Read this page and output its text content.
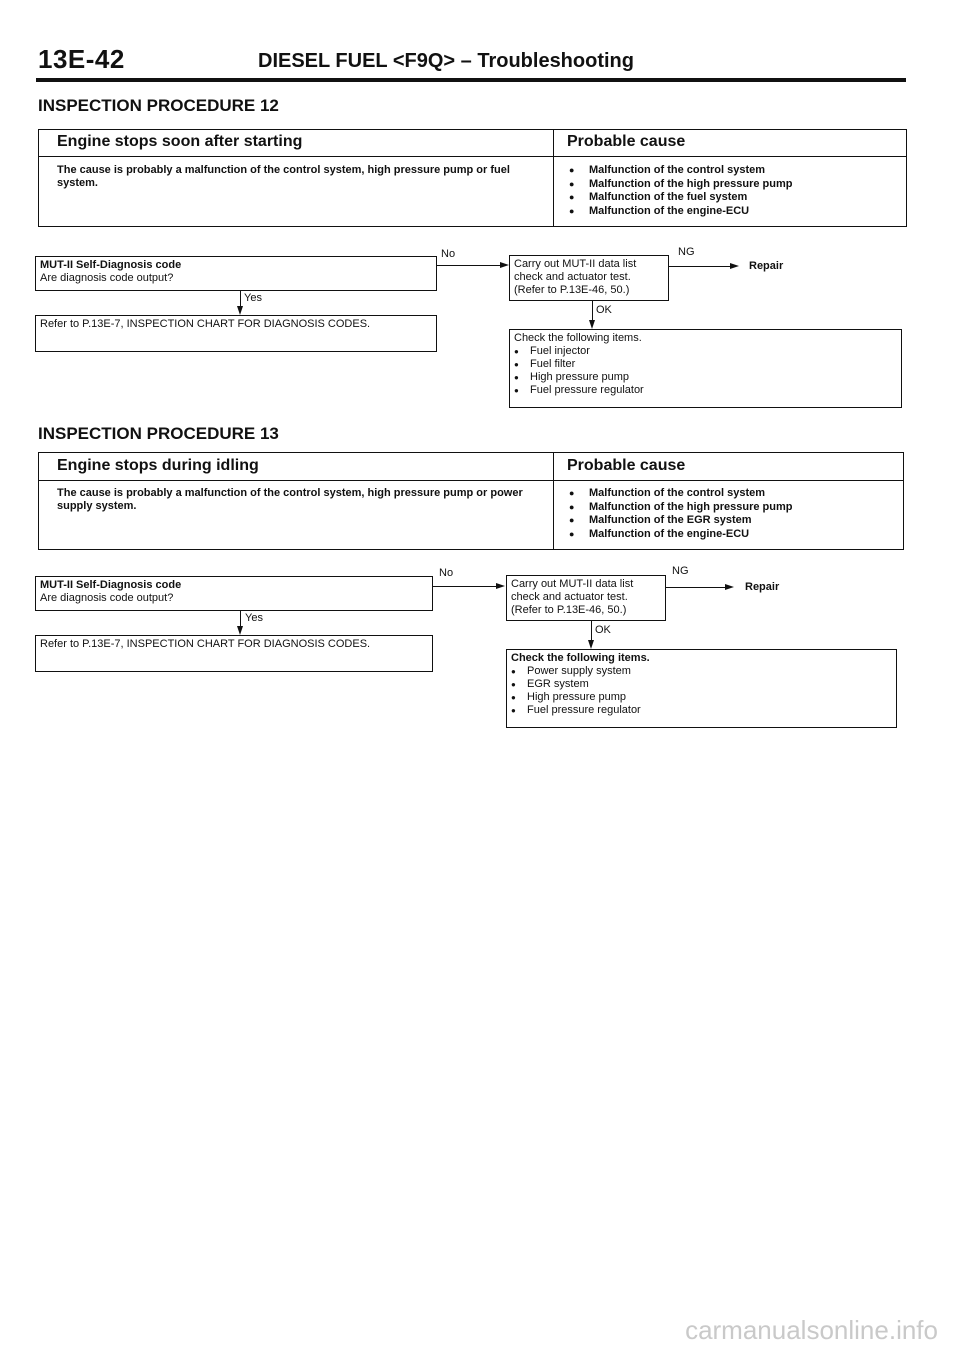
13E-42	DIESEL FUEL <F9Q> – Troubleshooting
INSPECTION PROCEDURE 12
Engine stops soon after starting	Probable cause
The cause is probably a malfunction of the control system, high pressure pump or fuel system.
● Malfunction of the control system
● Malfunction of the high pressure pump
● Malfunction of the fuel system
● Malfunction of the engine-ECU
MUT-II Self-Diagnosis code
Are diagnosis code output?
No
Yes
Refer to P.13E-7, INSPECTION CHART FOR DIAGNOSIS CODES.
Carry out MUT-II data list
check and actuator test.
(Refer to P.13E-46, 50.)
NG
Repair
OK
Check the following items.
● Fuel injector
● Fuel filter
● High pressure pump
● Fuel pressure regulator
INSPECTION PROCEDURE 13
Engine stops during idling	Probable cause
The cause is probably a malfunction of the control system, high pressure pump or power supply system.
● Malfunction of the control system
● Malfunction of the high pressure pump
● Malfunction of the EGR system
● Malfunction of the engine-ECU
MUT-II Self-Diagnosis code
Are diagnosis code output?
No
Yes
Refer to P.13E-7, INSPECTION CHART FOR DIAGNOSIS CODES.
Carry out MUT-II data list
check and actuator test.
(Refer to P.13E-46, 50.)
NG
Repair
OK
Check the following items.
● Power supply system
● EGR system
● High pressure pump
● Fuel pressure regulator
carmanualsonline.info
